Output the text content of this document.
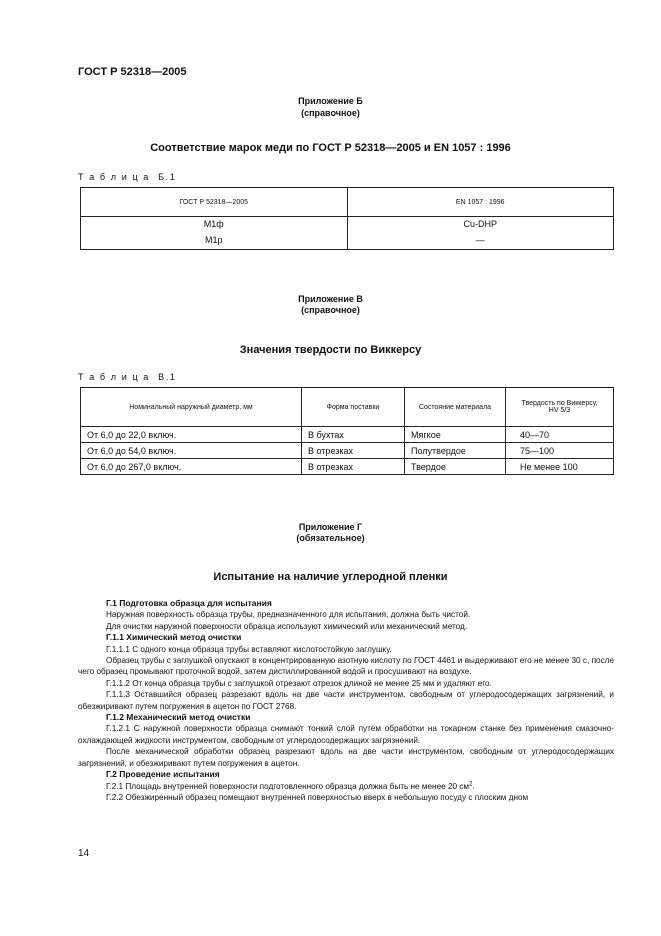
ГОСТ Р 52318—2005
Приложение Б
(справочное)
Соответствие марок меди по ГОСТ Р 52318—2005 и EN 1057 : 1996
Т а б л и ц а  Б.1
ГОСТ Р 52318—2005	EN 1057 : 1996
М1ф	Cu-DHP
М1р	—
Приложение В
(справочное)
Значения твердости по Виккерсу
Т а б л и ц а  В.1
Номинальный наружный диаметр, мм	Форма поставки	Состояние материала	Твердость по Виккерсу,
HV 5/3

От 6,0 до 22,0 включ.	В бухтах	Мягкое	40—70
От 6,0 до 54,0 включ.	В отрезках	Полутвердое	75—100
От 6,0 до 267,0 включ.	В отрезках	Твердое	Не менее 100
Приложение Г
(обязательное)
Испытание на наличие углеродной пленки

Г.1 Подготовка образца для испытания

Наружная поверхность образца трубы, предназначенного для испытания, должна быть чистой.

Для очистки наружной поверхности образца используют химический или механический метод.

Г.1.1 Химический метод очистки

Г.1.1.1 С одного конца образца трубы вставляют кислотостойкую заглушку.

Образец трубы с заглушкой опускают в концентрированную азотную кислоту по ГОСТ 4461 и выдерживают его не менее 30 с, после чего образец промывают проточной водой, затем дистиллированной водой и просушивают на воздухе.

Г.1.1.2 От конца образца трубы с заглушкой отрезают отрезок длиной не менее 25 мм и удаляют его.

Г.1.1.3 Оставшийся образец разрезают вдоль на две части инструментом, свободным от углеродосодержащих загрязнений, и обезжиривают путем погружения в ацетон по ГОСТ 2768.

Г.1.2 Механический метод очистки

Г.1.2.1 С наружной поверхности образца снимают тонкий слой путем обработки на токарном станке без применения смазочно-охлаждающей жидкости инструментом, свободным от углеродосодержащих загрязнений.

После механической обработки образец разрезают вдоль на две части инструментом, свободным от углеродосодержащих загрязнений, и обезжиривают путем погружения в ацетон.

Г.2 Проведение испытания

Г.2.1 Площадь внутренней поверхности подготовленного образца должна быть не менее 20 $см^2$.

Г.2.2 Обезжиренный образец помещают внутренней поверхностью вверх в небольшую посуду с плоским дном

14
